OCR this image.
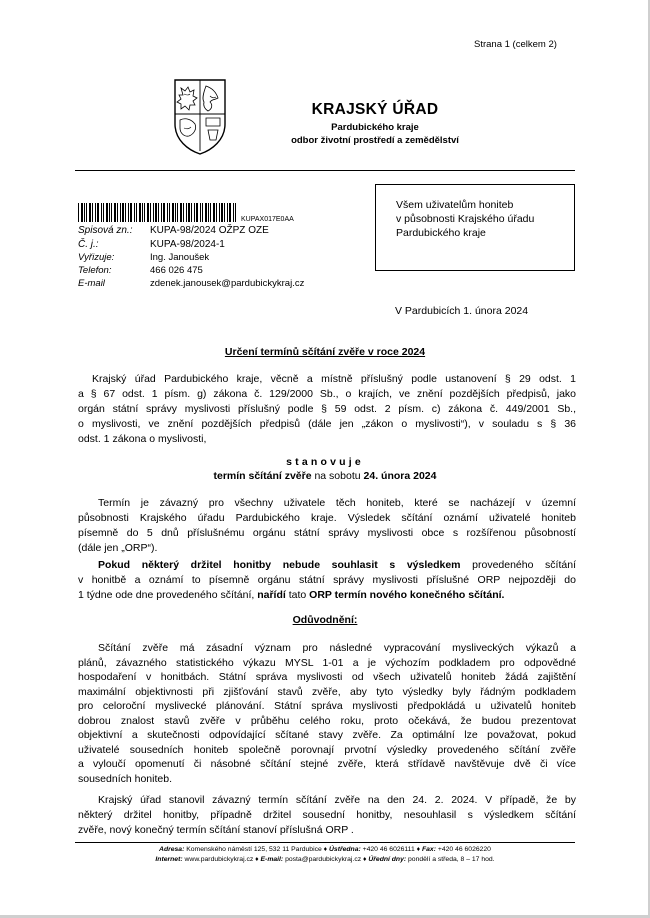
Strana 1 (celkem 2)
KRAJSKÝ ÚŘAD
Pardubického kraje
odbor životní prostředí a zemědělství
KUPAX017E0AA
Spisová zn.: KUPA-98/2024 OŽPZ OZE
Č. j.:	KUPA-98/2024-1
Vyřizuje:	Ing. Janoušek
Telefon:	466 026 475
E-mail	zdenek.janousek@pardubickykraj.cz
Všem uživatelům honiteb
v působnosti Krajského úřadu
Pardubického kraje
V Pardubicích 1. února 2024
Určení termínů sčítání zvěře v roce 2024
Krajský úřad Pardubického kraje, věcně a místně příslušný podle ustanovení § 29 odst. 1
a § 67 odst. 1 písm. g) zákona č. 129/2000 Sb., o krajích, ve znění pozdějších předpisů, jako
orgán státní správy myslivosti příslušný podle § 59 odst. 2 písm. c) zákona č. 449/2001 Sb.,
o myslivosti, ve znění pozdějších předpisů (dále jen „zákon o myslivosti“), v souladu s § 36
odst. 1 zákona o myslivosti,
stanovuje
termín sčítání zvěře na sobotu 24. února 2024
Termín je závazný pro všechny uživatele těch honiteb, které se nacházejí v územní
působnosti Krajského úřadu Pardubického kraje. Výsledek sčítání oznámí uživatelé honiteb
písemně do 5 dnů příslušnému orgánu státní správy myslivosti obce s rozšířenou působností
(dále jen „ORP“).
Pokud některý držitel honitby nebude souhlasit s výsledkem provedeného sčítání
v honitbě a oznámí to písemně orgánu státní správy myslivosti příslušné ORP nejpozději do
1 týdne ode dne provedeného sčítání, nařídí tato ORP termín nového konečného sčítání.
Odůvodnění:
Sčítání zvěře má zásadní význam pro následné vypracování mysliveckých výkazů a
plánů, závazného statistického výkazu MYSL 1-01 a je výchozím podkladem pro odpovědné
hospodaření v honitbách. Státní správa myslivosti od všech uživatelů honiteb žádá zajištění
maximální objektivnosti při zjišťování stavů zvěře, aby tyto výsledky byly řádným podkladem
pro celoroční myslivecké plánování. Státní správa myslivosti předpokládá u uživatelů honiteb
dobrou znalost stavů zvěře v průběhu celého roku, proto očekává, že budou prezentovat
objektivní a skutečnosti odpovídající sčítané stavy zvěře. Za optimální lze považovat, pokud
uživatelé sousedních honiteb společně porovnají prvotní výsledky provedeného sčítání zvěře
a vyloučí opomenutí či násobné sčítání stejné zvěře, která střídavě navštěvuje dvě či více
sousedních honiteb.
Krajský úřad stanovil závazný termín sčítání zvěře na den 24. 2. 2024. V případě, že by
některý držitel honitby, případně držitel sousední honitby, nesouhlasil s výsledkem sčítání
zvěře, nový konečný termín sčítání stanoví příslušná ORP .
Adresa: Komenského náměstí 125, 532 11 Pardubice ♦ Ústředna: +420 46 6026111 ♦ Fax: +420 46 6026220
Internet: www.pardubickykraj.cz ♦ E-mail: posta@pardubickykraj.cz ♦ Úřední dny: pondělí a středa, 8 – 17 hod.
